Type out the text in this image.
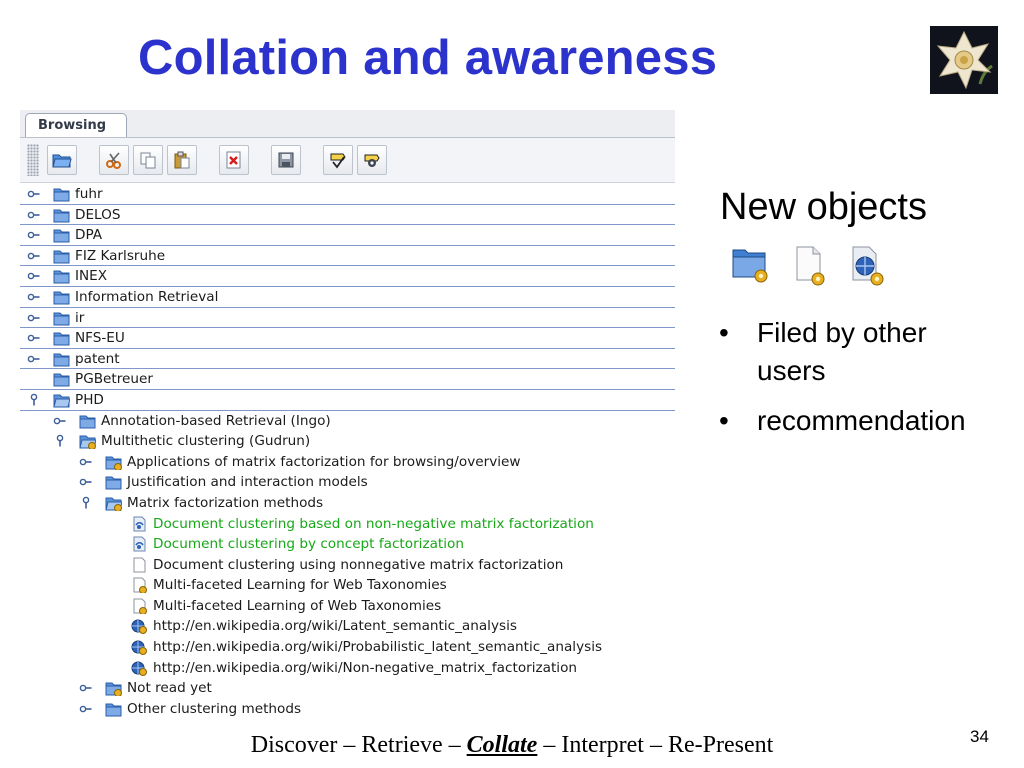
Collation and awareness
Browsing
fuhr
DELOS
DPA
FIZ Karlsruhe
INEX
Information Retrieval
ir
NFS-EU
patent
PGBetreuer
PHD
Annotation-based Retrieval (Ingo)
Multithetic clustering (Gudrun)
Applications of matrix factorization for browsing/overview
Justification and interaction models
Matrix factorization methods
Document clustering based on non-negative matrix factorization
Document clustering by concept factorization
Document clustering using nonnegative matrix factorization
Multi-faceted Learning for Web Taxonomies
Multi-faceted Learning of Web Taxonomies
http://en.wikipedia.org/wiki/Latent_semantic_analysis
http://en.wikipedia.org/wiki/Probabilistic_latent_semantic_analysis
http://en.wikipedia.org/wiki/Non-negative_matrix_factorization
Not read yet
Other clustering methods
New objects
• Filed by other users
• recommendation
Discover – Retrieve – Collate – Interpret – Re-Present	34
